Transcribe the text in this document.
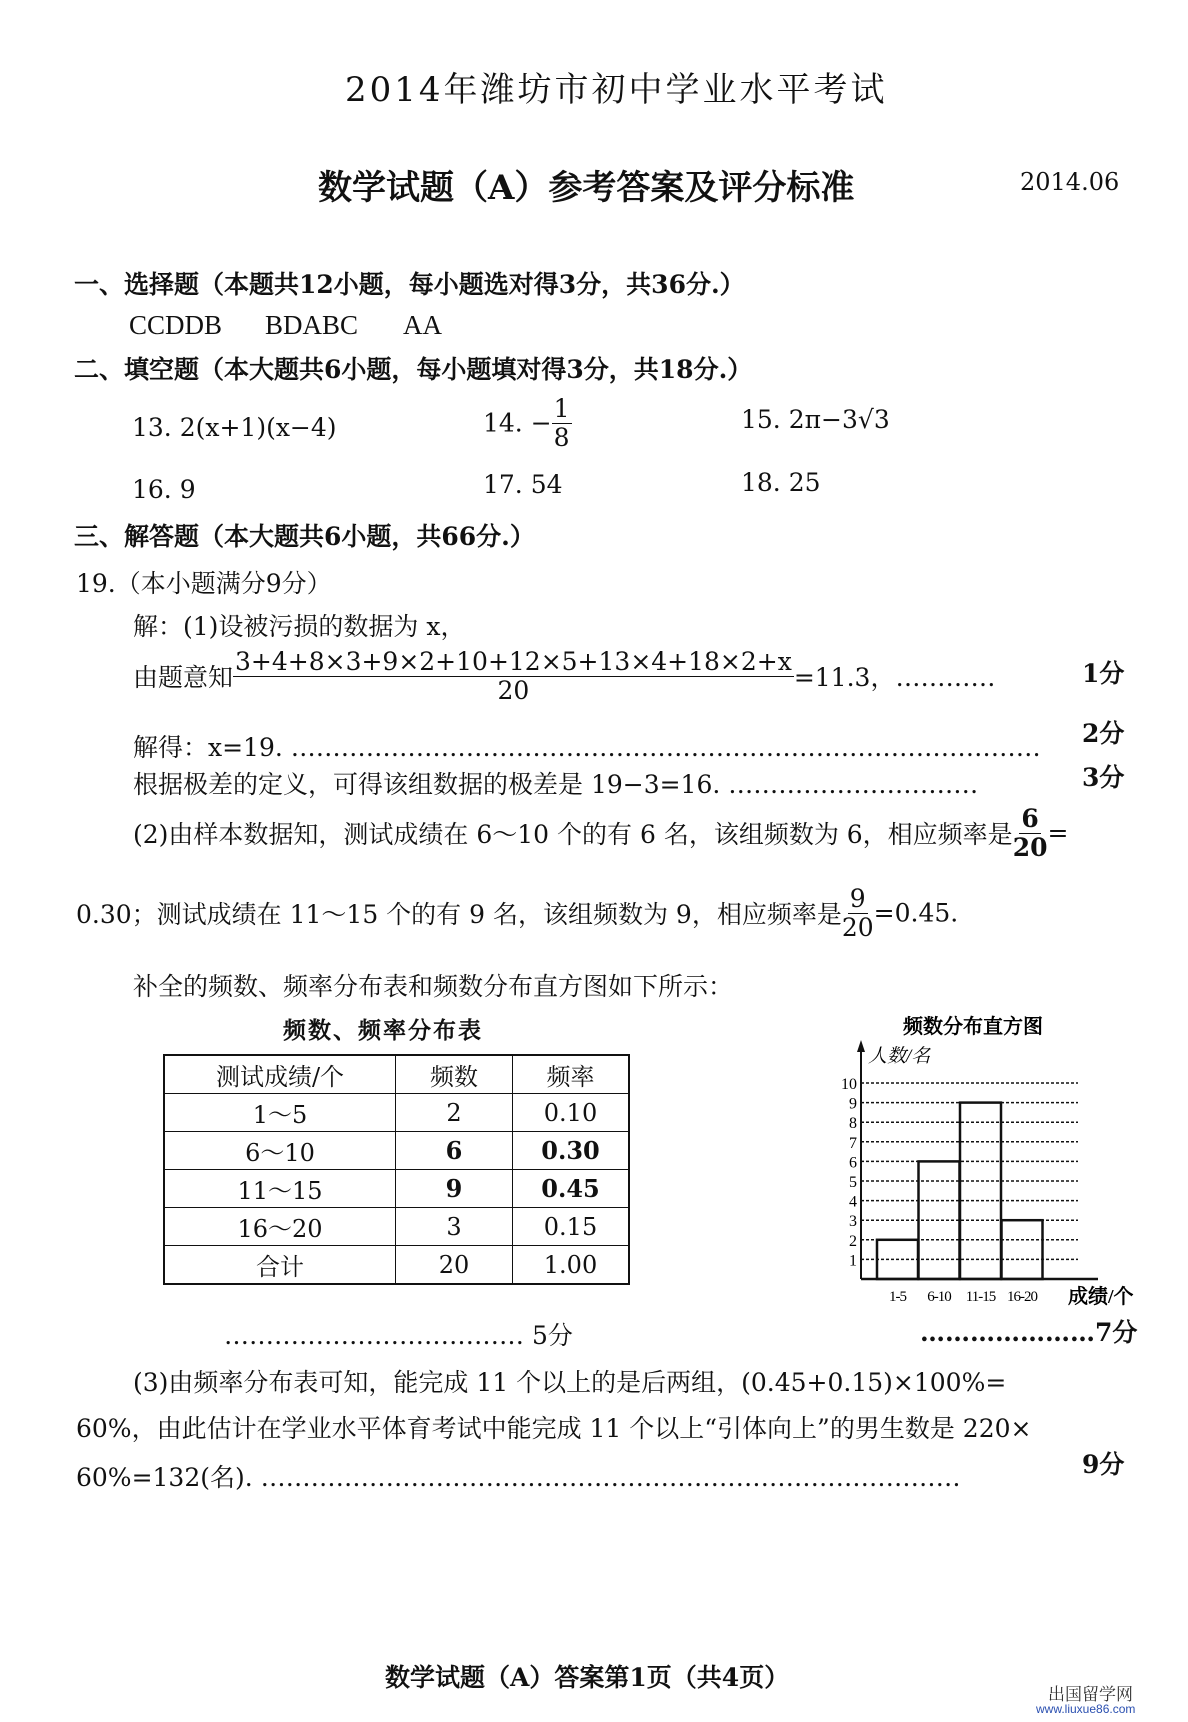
2014年潍坊市初中学业水平考试
数学试题（A）参考答案及评分标准	2014.06
一、选择题（本题共12小题，每小题选对得3分，共36分.）
CCDDB BDABC AA
二、填空题（本大题共6小题，每小题填对得3分，共18分.）
13. 2(x+1)(x−4)	14. − $\frac{1}{8}$	15. 2π−3√3
16. 9	17. 54	18. 25
三、解答题（本大题共6小题，共66分.）
19.（本小题满分9分）
解：(1)设被污损的数据为 x，
由题意知 $\frac{3+4+8\times 3+9\times 2+10+12\times 5+13\times 4+18\times 2+x}{20} =11.3$，…………	1分
解得：x=19. ……………………………………………………………………………… 2分
根据极差的定义，可得该组数据的极差是 19−3=16. …………………………	3分
(2)由样本数据知，测试成绩在 6～10 个的有 6 名，该组频数为 6，相应频率是 $\frac{6}{20}$ =
0.30；测试成绩在 11～15 个的有 9 名，该组频数为 9，相应频率是 $\frac{9}{20} =0.45$.
补全的频数、频率分布表和频数分布直方图如下所示：
频数、频率分布表
测试成绩/个	频数	频率
1～5	2	0.10
6～10	6	0.30
11～15	9	0.45
16～20	3	0.15
合计	20	1.00
……………………………… 5分
频数分布直方图
人数/名
成绩/个
1
2
3
4
5
6
7
8
9
10
1-5 6-10 11-15 16-20
…………………7分
(3)由频率分布表可知，能完成 11 个以上的是后两组，(0.45+0.15)×100%=
60%，由此估计在学业水平体育考试中能完成 11 个以上“引体向上”的男生数是 220×
60%=132(名). …………………………………………………………………………	9分
数学试题（A）答案第1页（共4页）
出国留学网
www.liuxue86.com
